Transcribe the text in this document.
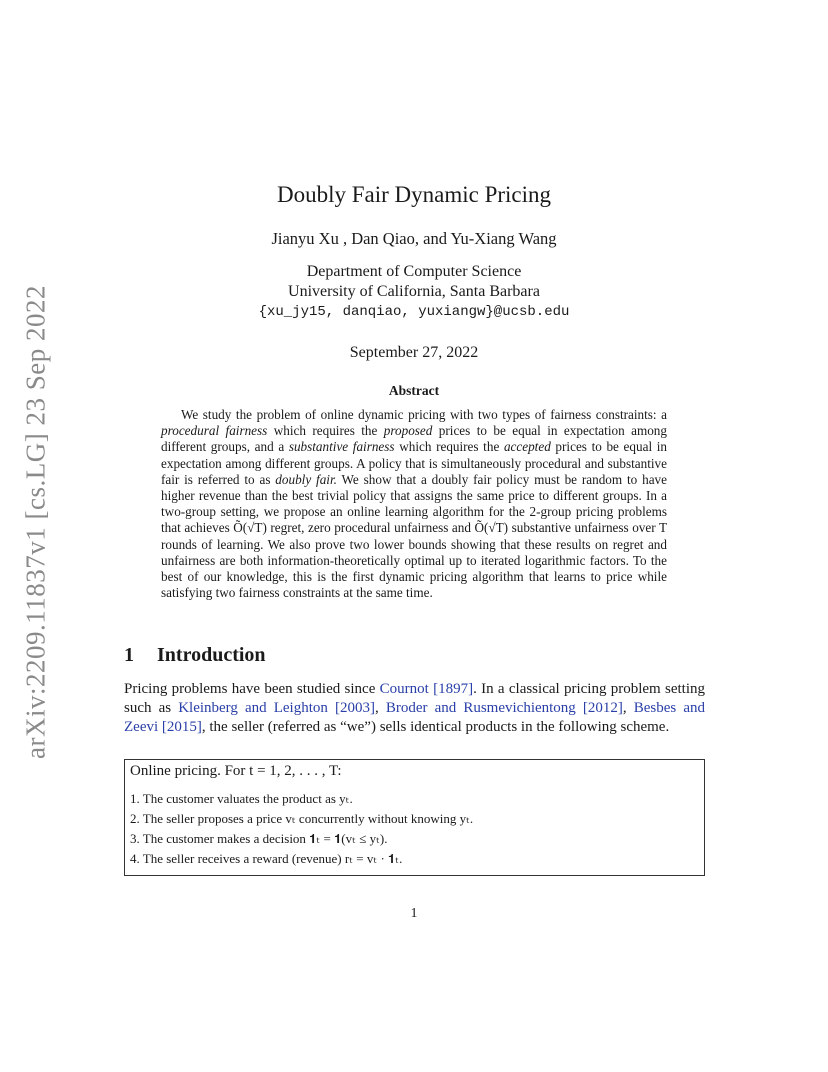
arXiv:2209.11837v1 [cs.LG] 23 Sep 2022
Doubly Fair Dynamic Pricing
Jianyu Xu , Dan Qiao, and Yu-Xiang Wang
Department of Computer Science
University of California, Santa Barbara
{xu_jy15, danqiao, yuxiangw}@ucsb.edu
September 27, 2022
Abstract
We study the problem of online dynamic pricing with two types of fairness constraints: a procedural fairness which requires the proposed prices to be equal in expectation among different groups, and a substantive fairness which requires the accepted prices to be equal in expectation among different groups. A policy that is simultaneously procedural and substantive fair is referred to as doubly fair. We show that a doubly fair policy must be random to have higher revenue than the best trivial policy that assigns the same price to different groups. In a two-group setting, we propose an online learning algorithm for the 2-group pricing problems that achieves Õ(√T) regret, zero procedural unfairness and Õ(√T) substantive unfairness over T rounds of learning. We also prove two lower bounds showing that these results on regret and unfairness are both information-theoretically optimal up to iterated logarithmic factors. To the best of our knowledge, this is the first dynamic pricing algorithm that learns to price while satisfying two fairness constraints at the same time.
1 Introduction
Pricing problems have been studied since Cournot [1897]. In a classical pricing problem setting such as Kleinberg and Leighton [2003], Broder and Rusmevichientong [2012], Besbes and Zeevi [2015], the seller (referred as “we”) sells identical products in the following scheme.
Online pricing. For t = 1, 2, . . . , T:
1. The customer valuates the product as yₜ.
2. The seller proposes a price vₜ concurrently without knowing yₜ.
3. The customer makes a decision 𝟏ₜ = 𝟏(vₜ ≤ yₜ).
4. The seller receives a reward (revenue) rₜ = vₜ · 𝟏ₜ.
1
